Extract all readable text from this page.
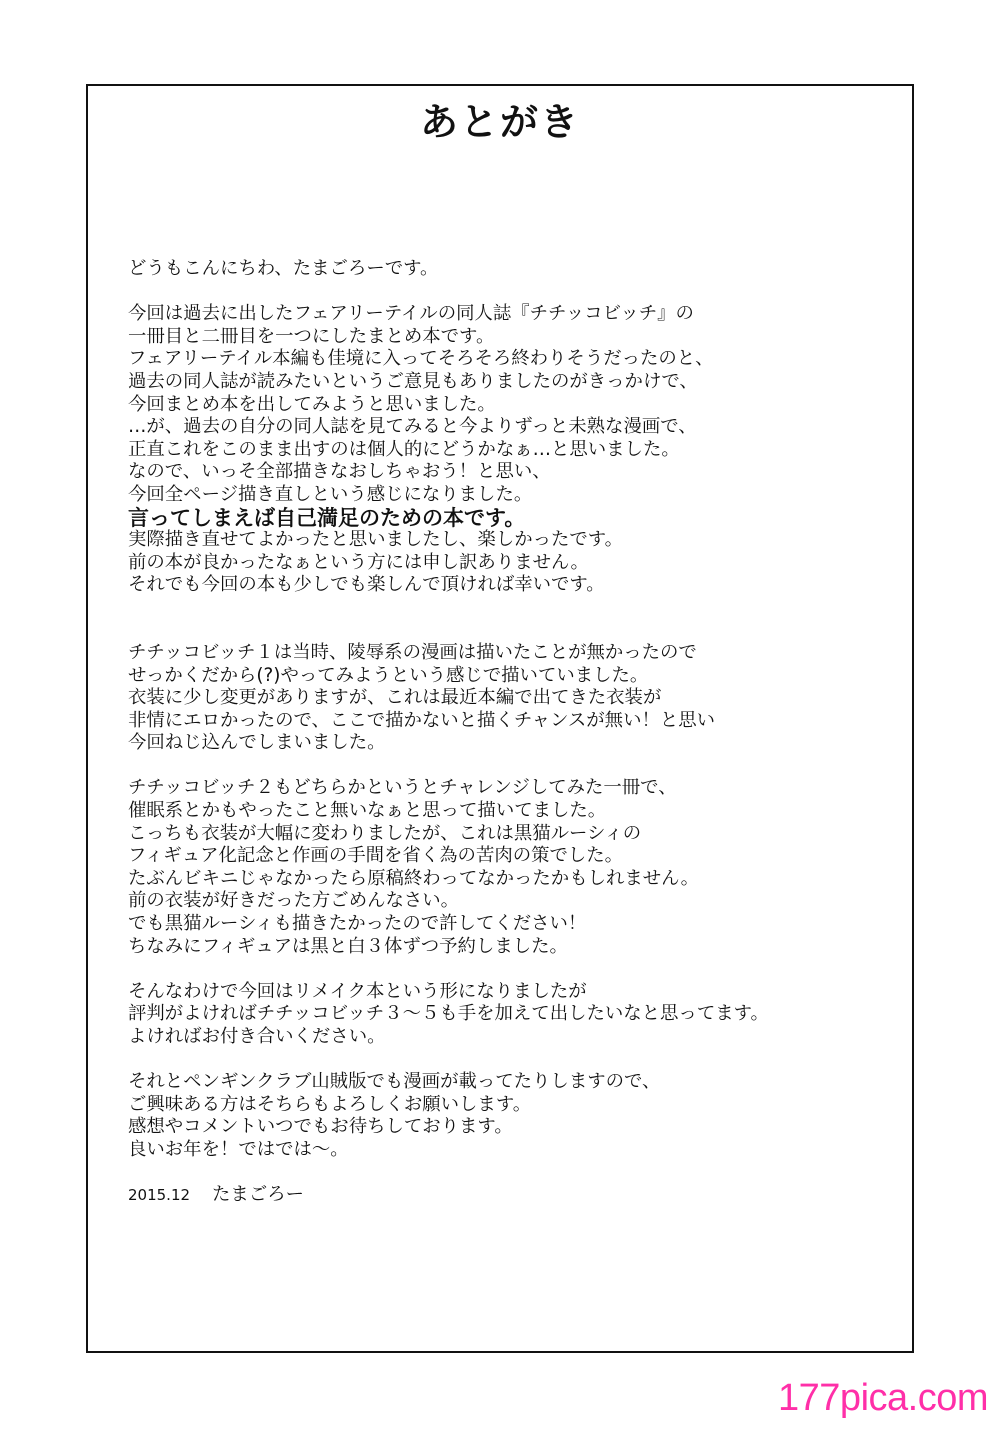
あとがき
どうもこんにちわ、たまごろーです。
今回は過去に出したフェアリーテイルの同人誌『チチッコビッチ』の
一冊目と二冊目を一つにしたまとめ本です。
フェアリーテイル本編も佳境に入ってそろそろ終わりそうだったのと、
過去の同人誌が読みたいというご意見もありましたのがきっかけで、
今回まとめ本を出してみようと思いました。
…が、過去の自分の同人誌を見てみると今よりずっと未熟な漫画で、
正直これをこのまま出すのは個人的にどうかなぁ…と思いました。
なので、いっそ全部描きなおしちゃおう！と思い、
今回全ページ描き直しという感じになりました。
言ってしまえば自己満足のための本です。
実際描き直せてよかったと思いましたし、楽しかったです。
前の本が良かったなぁという方には申し訳ありません。
それでも今回の本も少しでも楽しんで頂ければ幸いです。
チチッコビッチ１は当時、陵辱系の漫画は描いたことが無かったので
せっかくだから(?)やってみようという感じで描いていました。
衣装に少し変更がありますが、これは最近本編で出てきた衣装が
非情にエロかったので、ここで描かないと描くチャンスが無い！と思い
今回ねじ込んでしまいました。
チチッコビッチ２もどちらかというとチャレンジしてみた一冊で、
催眠系とかもやったこと無いなぁと思って描いてました。
こっちも衣装が大幅に変わりましたが、これは黒猫ルーシィの
フィギュア化記念と作画の手間を省く為の苦肉の策でした。
たぶんビキニじゃなかったら原稿終わってなかったかもしれません。
前の衣装が好きだった方ごめんなさい。
でも黒猫ルーシィも描きたかったので許してください！
ちなみにフィギュアは黒と白３体ずつ予約しました。
そんなわけで今回はリメイク本という形になりましたが
評判がよければチチッコビッチ３～５も手を加えて出したいなと思ってます。
よければお付き合いください。
それとペンギンクラブ山賊版でも漫画が載ってたりしますので、
ご興味ある方はそちらもよろしくお願いします。
感想やコメントいつでもお待ちしております。
良いお年を！ではでは～。
2015.12 たまごろー
177pica.com
